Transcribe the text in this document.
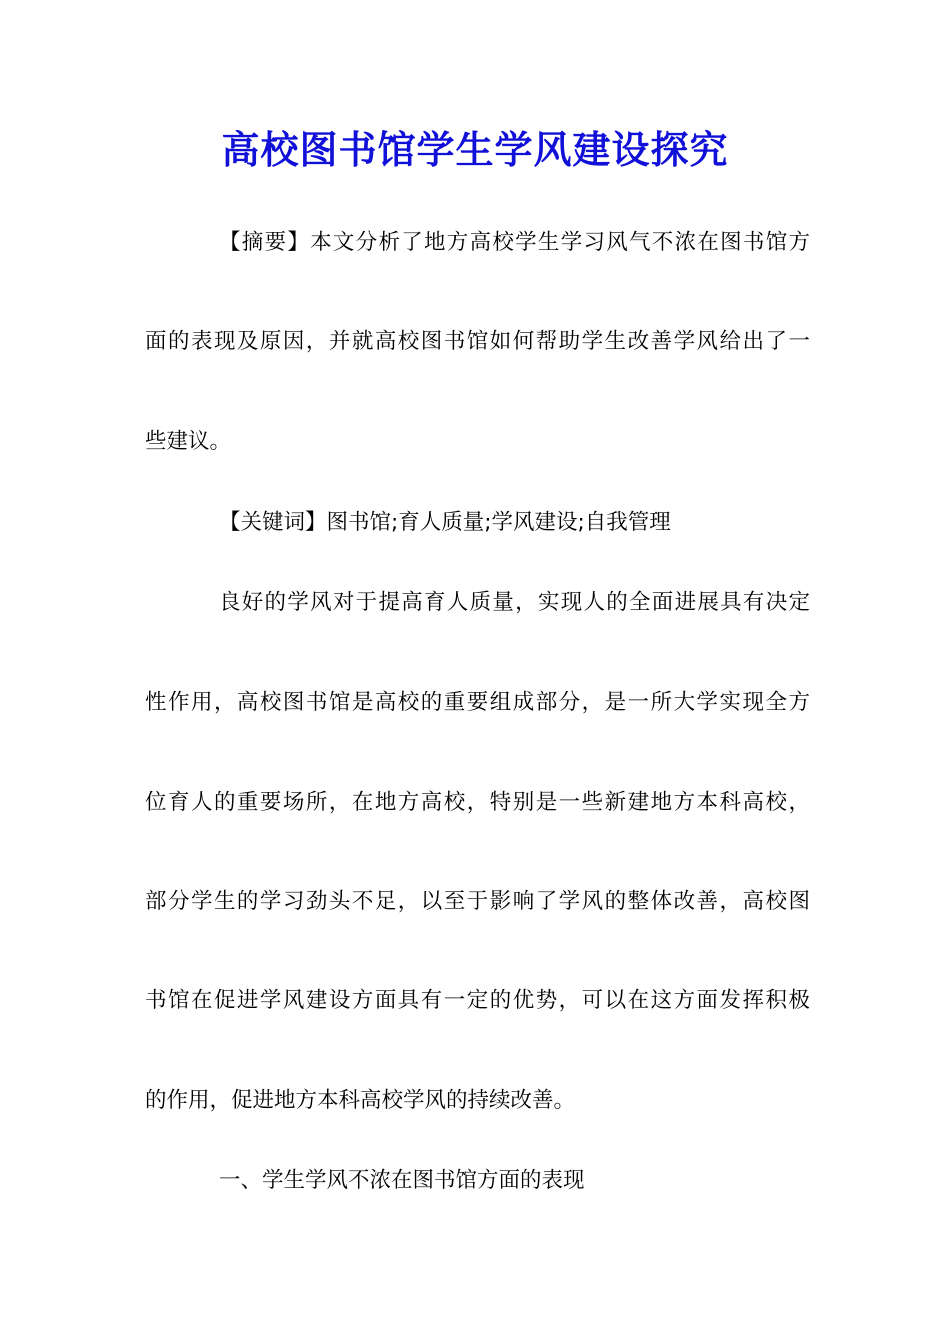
高校图书馆学生学风建设探究

【摘要】本文分析了地方高校学生学习风气不浓在图书馆方

面的表现及原因，并就高校图书馆如何帮助学生改善学风给出了一

些建议。

【关键词】图书馆;育人质量;学风建设;自我管理

良好的学风对于提高育人质量，实现人的全面进展具有决定

性作用，高校图书馆是高校的重要组成部分，是一所大学实现全方

位育人的重要场所，在地方高校，特别是一些新建地方本科高校，

部分学生的学习劲头不足，以至于影响了学风的整体改善，高校图

书馆在促进学风建设方面具有一定的优势，可以在这方面发挥积极

的作用，促进地方本科高校学风的持续改善。

一、学生学风不浓在图书馆方面的表现
